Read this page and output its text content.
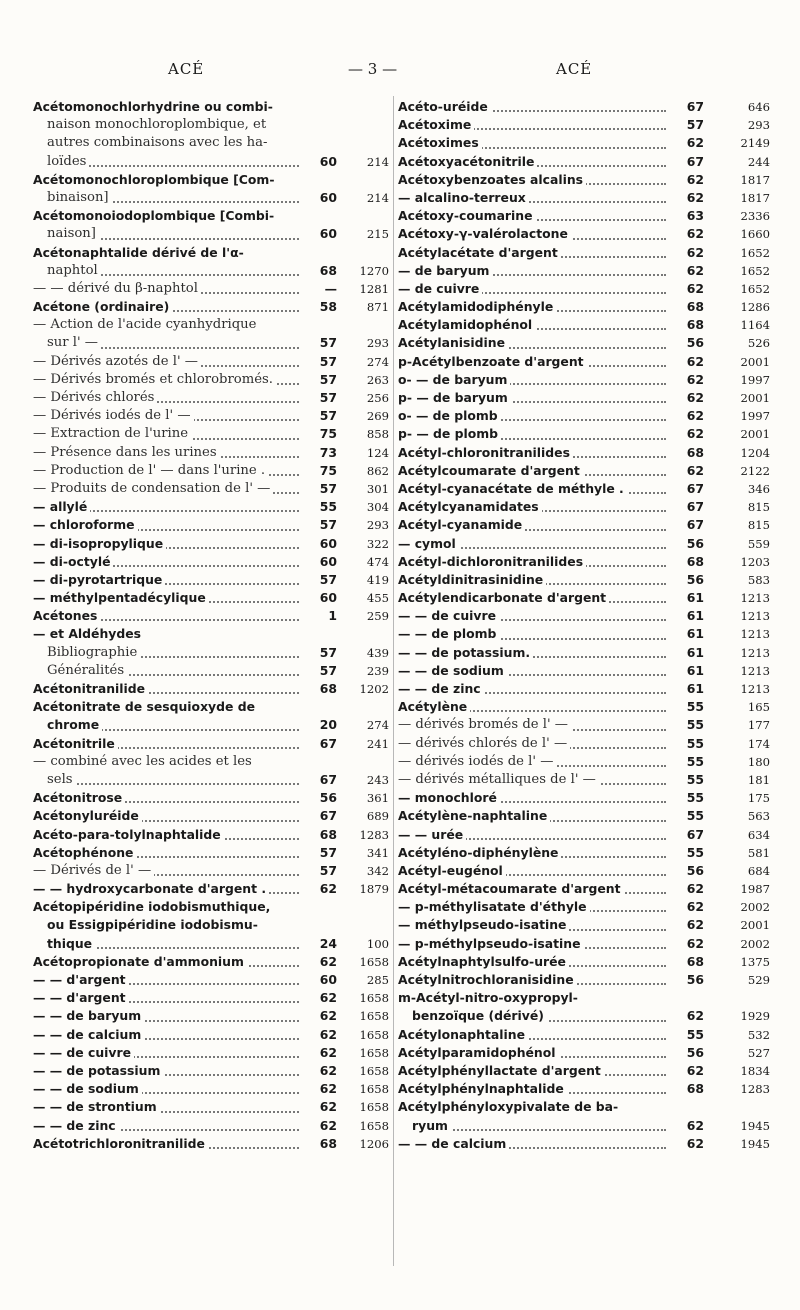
ACÉ	— 3 —	ACÉ
Acétomonochlorhydrine ou combi-
naison monochloroplombique, et
autres combinaisons avec les ha-
loïdes	60	214
Acétomonochloroplombique [Com-
binaison]	60	214
Acétomonoiodoplombique [Combi-
naison]	60	215
Acétonaphtalide dérivé de l'α-
naphtol	68	1270
— — dérivé du β-naphtol	—	1281
Acétone (ordinaire)	58	871
— Action de l'acide cyanhydrique
sur l' —	57	293
— Dérivés azotés de l' —	57	274
— Dérivés bromés et chlorobromés.	57	263
— Dérivés chlorés	57	256
— Dérivés iodés de l' —	57	269
— Extraction de l'urine	75	858
— Présence dans les urines	73	124
— Production de l' — dans l'urine .	75	862
— Produits de condensation de l' —	57	301
— allylé	55	304
— chloroforme	57	293
— di-isopropylique	60	322
— di-octylé	60	474
— di-pyrotartrique	57	419
— méthylpentadécylique	60	455
Acétones	1	259
— et Aldéhydes
Bibliographie	57	439
Généralités	57	239
Acétonitranilide	68	1202
Acétonitrate de sesquioxyde de
chrome	20	274
Acétonitrile	67	241
— combiné avec les acides et les
sels	67	243
Acétonitrose	56	361
Acétonyluréide	67	689
Acéto-para-tolylnaphtalide	68	1283
Acétophénone	57	341
— Dérivés de l' —	57	342
— — hydroxycarbonate d'argent .	62	1879
Acétopipéridine iodobismuthique,
ou Essigpipéridine iodobismu-
thique	24	100
Acétopropionate d'ammonium	62	1658
— — d'argent	60	285
— — d'argent	62	1658
— — de baryum	62	1658
— — de calcium	62	1658
— — de cuivre	62	1658
— — de potassium	62	1658
— — de sodium	62	1658
— — de strontium	62	1658
— — de zinc	62	1658
Acétotrichloronitranilide	68	1206
Acéto-uréide	67	646
Acétoxime	57	293
Acétoximes	62	2149
Acétoxyacétonitrile	67	244
Acétoxybenzoates alcalins	62	1817
— alcalino-terreux	62	1817
Acétoxy-coumarine	63	2336
Acétoxy-γ-valérolactone	62	1660
Acétylacétate d'argent	62	1652
— de baryum	62	1652
— de cuivre	62	1652
Acétylamidodiphényle	68	1286
Acétylamidophénol	68	1164
Acétylanisidine	56	526
p-Acétylbenzoate d'argent	62	2001
o- — de baryum	62	1997
p- — de baryum	62	2001
o- — de plomb	62	1997
p- — de plomb	62	2001
Acétyl-chloronitranilides	68	1204
Acétylcoumarate d'argent	62	2122
Acétyl-cyanacétate de méthyle .	67	346
Acétylcyanamidates	67	815
Acétyl-cyanamide	67	815
— cymol	56	559
Acétyl-dichloronitranilides	68	1203
Acétyldinitrasinidine	56	583
Acétylendicarbonate d'argent	61	1213
— — de cuivre	61	1213
— — de plomb	61	1213
— — de potassium.	61	1213
— — de sodium	61	1213
— — de zinc	61	1213
Acétylène	55	165
— dérivés bromés de l' —	55	177
— dérivés chlorés de l' —	55	174
— dérivés iodés de l' —	55	180
— dérivés métalliques de l' —	55	181
— monochloré	55	175
Acétylène-naphtaline	55	563
— — urée	67	634
Acétyléno-diphénylène	55	581
Acétyl-eugénol	56	684
Acétyl-métacoumarate d'argent	62	1987
— p-méthylisatate d'éthyle	62	2002
— méthylpseudo-isatine	62	2001
— p-méthylpseudo-isatine	62	2002
Acétylnaphtylsulfo-urée	68	1375
Acétylnitrochloranisidine	56	529
m-Acétyl-nitro-oxypropyl-
benzoïque (dérivé)	62	1929
Acétylonaphtaline	55	532
Acétylparamidophénol	56	527
Acétylphényllactate d'argent	62	1834
Acétylphénylnaphtalide	68	1283
Acétylphényloxypivalate de ba-
ryum	62	1945
— — de calcium	62	1945
